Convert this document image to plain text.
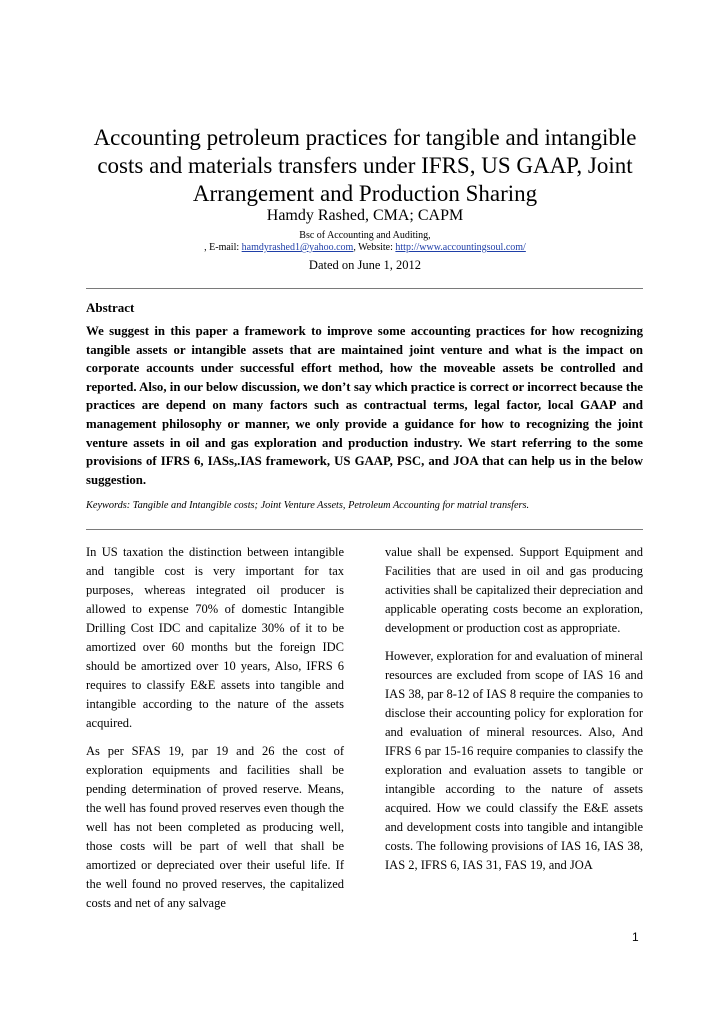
Accounting petroleum practices for tangible and intangible costs and materials transfers under IFRS, US GAAP, Joint Arrangement and Production Sharing
Hamdy Rashed, CMA; CAPM
Bsc of Accounting and Auditing,
, E-mail: hamdyrashed1@yahoo.com, Website: http://www.accountingsoul.com/
Dated on June 1, 2012
Abstract
We suggest in this paper a framework to improve some accounting practices for how recognizing tangible assets or intangible assets that are maintained joint venture and what is the impact on corporate accounts under successful effort method, how the moveable assets be controlled and reported. Also, in our below discussion, we don’t say which practice is correct or incorrect because the practices are depend on many factors such as contractual terms, legal factor, local GAAP and management philosophy or manner, we only provide a guidance for how to recognizing the joint venture assets in oil and gas exploration and production industry. We start referring to the some provisions of IFRS 6, IASs,.IAS framework, US GAAP, PSC, and JOA that can help us in the below suggestion.
Keywords: Tangible and Intangible costs; Joint Venture Assets, Petroleum Accounting for matrial transfers.

In US taxation the distinction between intangible and tangible cost is very important for tax purposes, whereas integrated oil producer is allowed to expense 70% of domestic Intangible Drilling Cost IDC and capitalize 30% of it to be amortized over 60 months but the foreign IDC should be amortized over 10 years, Also, IFRS 6 requires to classify E&E assets into tangible and intangible according to the nature of the assets acquired.

As per SFAS 19, par 19 and 26 the cost of exploration equipments and facilities shall be pending determination of proved reserve. Means, the well has found proved reserves even though the well has not been completed as producing well, those costs will be part of well that shall be amortized or depreciated over their useful life. If the well found no proved reserves, the capitalized costs and net of any salvage

value shall be expensed. Support Equipment and Facilities that are used in oil and gas producing activities shall be capitalized their depreciation and applicable operating costs become an exploration, development or production cost as appropriate.

However, exploration for and evaluation of mineral resources are excluded from scope of IAS 16 and IAS 38, par 8-12 of IAS 8 require the companies to disclose their accounting policy for exploration for and evaluation of mineral resources. Also, And IFRS 6 par 15-16 require companies to classify the exploration and evaluation assets to tangible or intangible according to the nature of assets acquired. How we could classify the E&E assets and development costs into tangible and intangible costs. The following provisions of IAS 16, IAS 38, IAS 2, IFRS 6, IAS 31, FAS 19, and JOA

1
